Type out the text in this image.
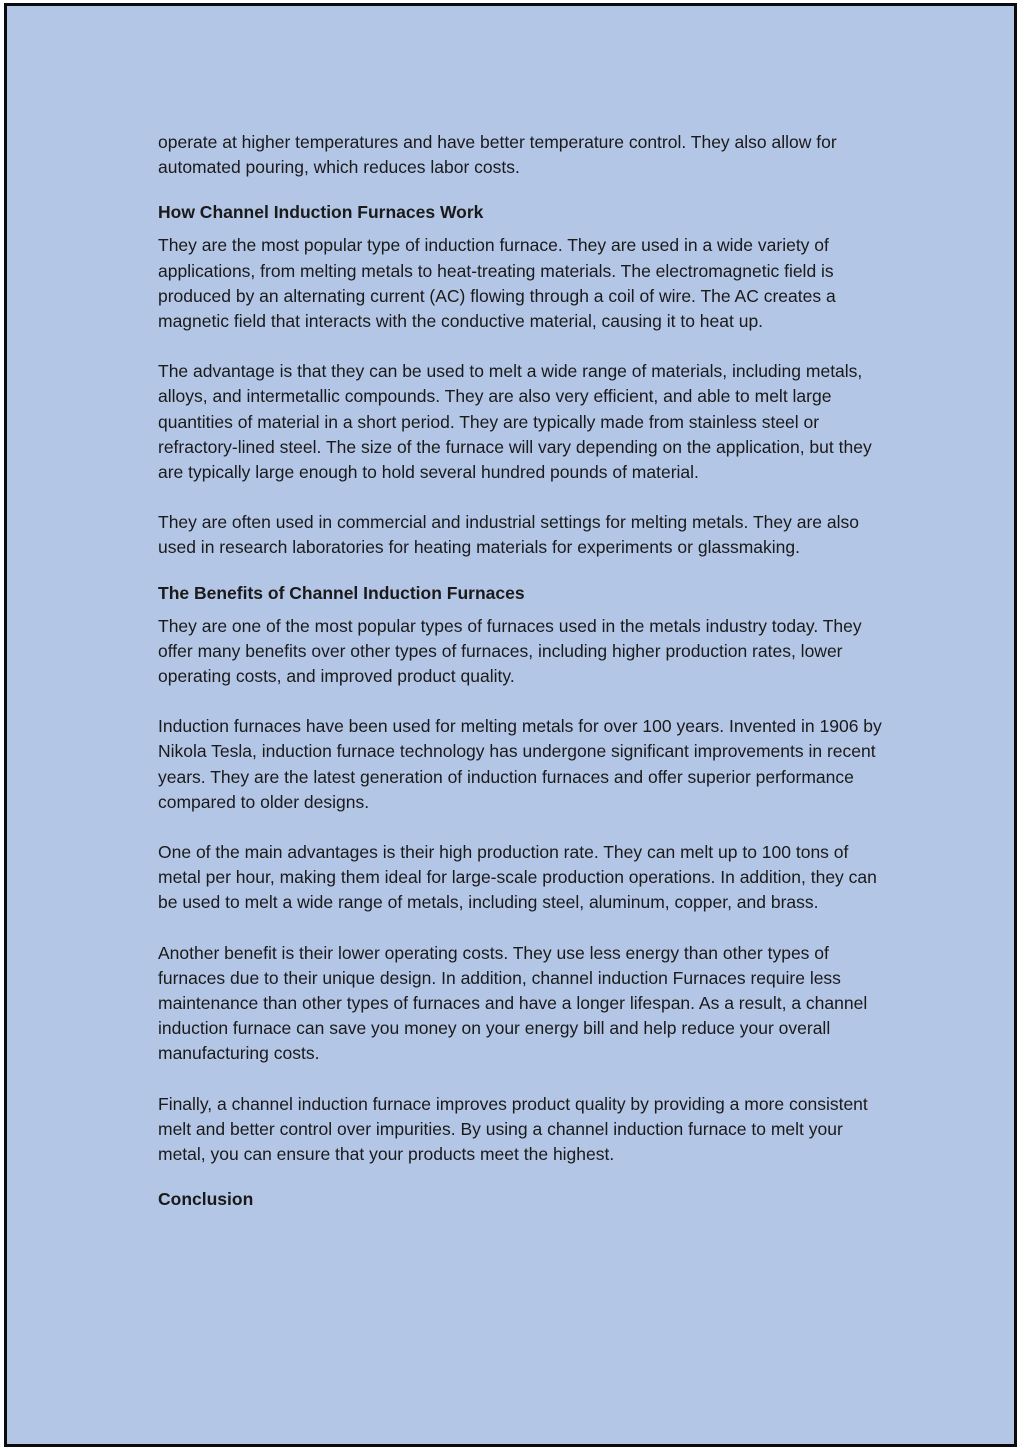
operate at higher temperatures and have better temperature control. They also allow for automated pouring, which reduces labor costs.

How Channel Induction Furnaces Work

They are the most popular type of induction furnace. They are used in a wide variety of applications, from melting metals to heat-treating materials. The electromagnetic field is produced by an alternating current (AC) flowing through a coil of wire. The AC creates a magnetic field that interacts with the conductive material, causing it to heat up.

The advantage is that they can be used to melt a wide range of materials, including metals, alloys, and intermetallic compounds. They are also very efficient, and able to melt large quantities of material in a short period. They are typically made from stainless steel or refractory-lined steel. The size of the furnace will vary depending on the application, but they are typically large enough to hold several hundred pounds of material.

They are often used in commercial and industrial settings for melting metals. They are also used in research laboratories for heating materials for experiments or glassmaking.

The Benefits of Channel Induction Furnaces

They are one of the most popular types of furnaces used in the metals industry today. They offer many benefits over other types of furnaces, including higher production rates, lower operating costs, and improved product quality.

Induction furnaces have been used for melting metals for over 100 years. Invented in 1906 by Nikola Tesla, induction furnace technology has undergone significant improvements in recent years. They are the latest generation of induction furnaces and offer superior performance compared to older designs.

One of the main advantages is their high production rate. They can melt up to 100 tons of metal per hour, making them ideal for large-scale production operations. In addition, they can be used to melt a wide range of metals, including steel, aluminum, copper, and brass.

Another benefit is their lower operating costs. They use less energy than other types of furnaces due to their unique design. In addition, channel induction Furnaces require less maintenance than other types of furnaces and have a longer lifespan. As a result, a channel induction furnace can save you money on your energy bill and help reduce your overall manufacturing costs.

Finally, a channel induction furnace improves product quality by providing a more consistent melt and better control over impurities. By using a channel induction furnace to melt your metal, you can ensure that your products meet the highest.

Conclusion
